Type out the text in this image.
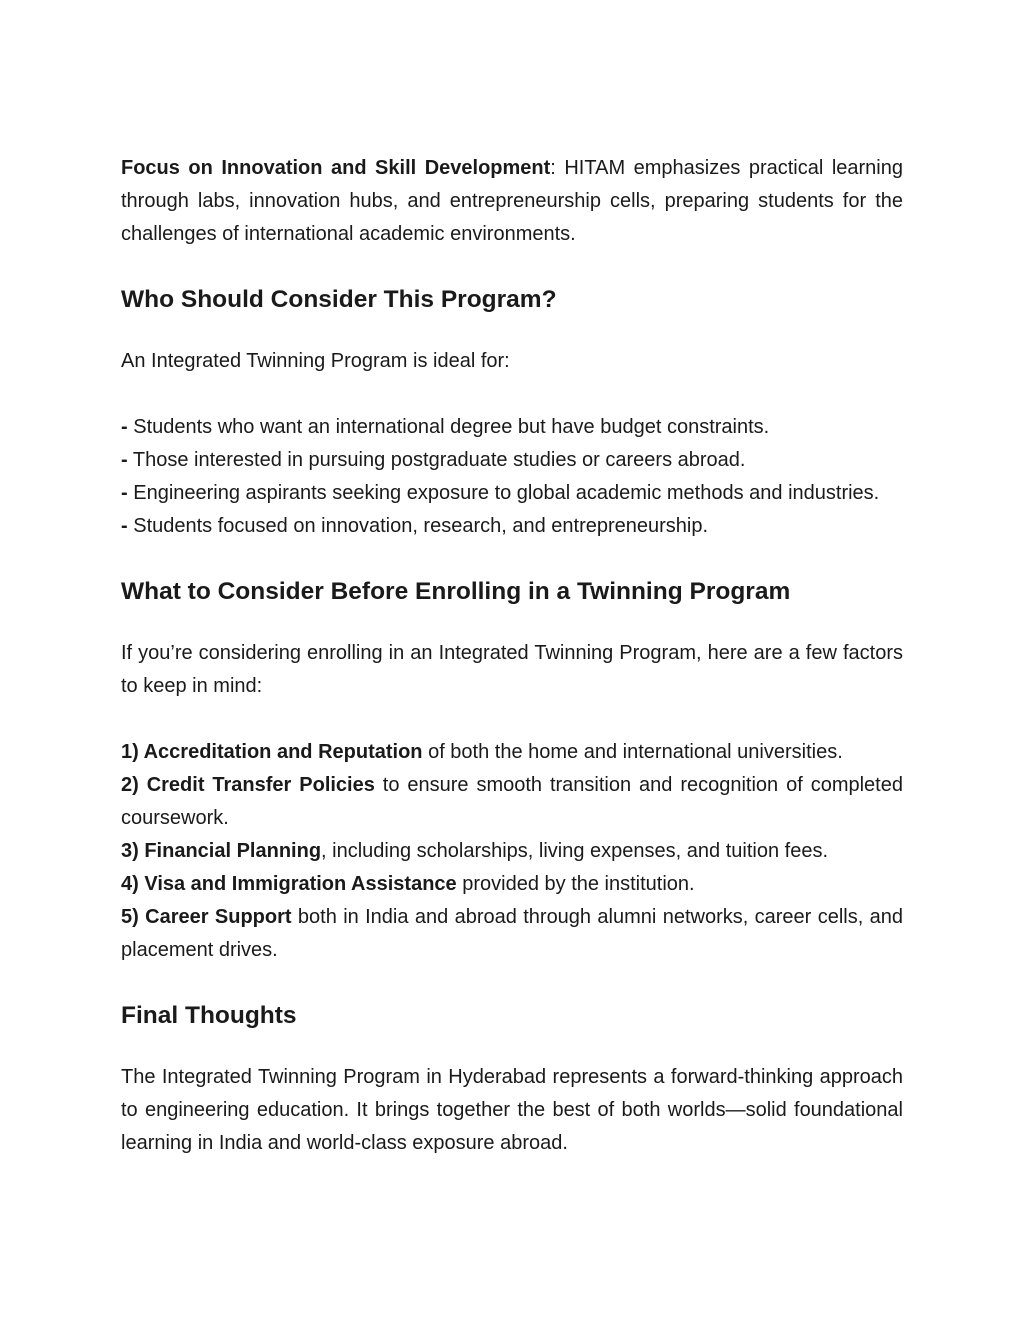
Focus on Innovation and Skill Development: HITAM emphasizes practical learning through labs, innovation hubs, and entrepreneurship cells, preparing students for the challenges of international academic environments.

Who Should Consider This Program?

An Integrated Twinning Program is ideal for:

- Students who want an international degree but have budget constraints.

- Those interested in pursuing postgraduate studies or careers abroad.

- Engineering aspirants seeking exposure to global academic methods and industries.

- Students focused on innovation, research, and entrepreneurship.

What to Consider Before Enrolling in a Twinning Program

If you’re considering enrolling in an Integrated Twinning Program, here are a few factors to keep in mind:

1) Accreditation and Reputation of both the home and international universities.

2) Credit Transfer Policies to ensure smooth transition and recognition of completed coursework.

3) Financial Planning, including scholarships, living expenses, and tuition fees.

4) Visa and Immigration Assistance provided by the institution.

5) Career Support both in India and abroad through alumni networks, career cells, and placement drives.

Final Thoughts

The Integrated Twinning Program in Hyderabad represents a forward-thinking approach to engineering education. It brings together the best of both worlds—solid foundational learning in India and world-class exposure abroad.
